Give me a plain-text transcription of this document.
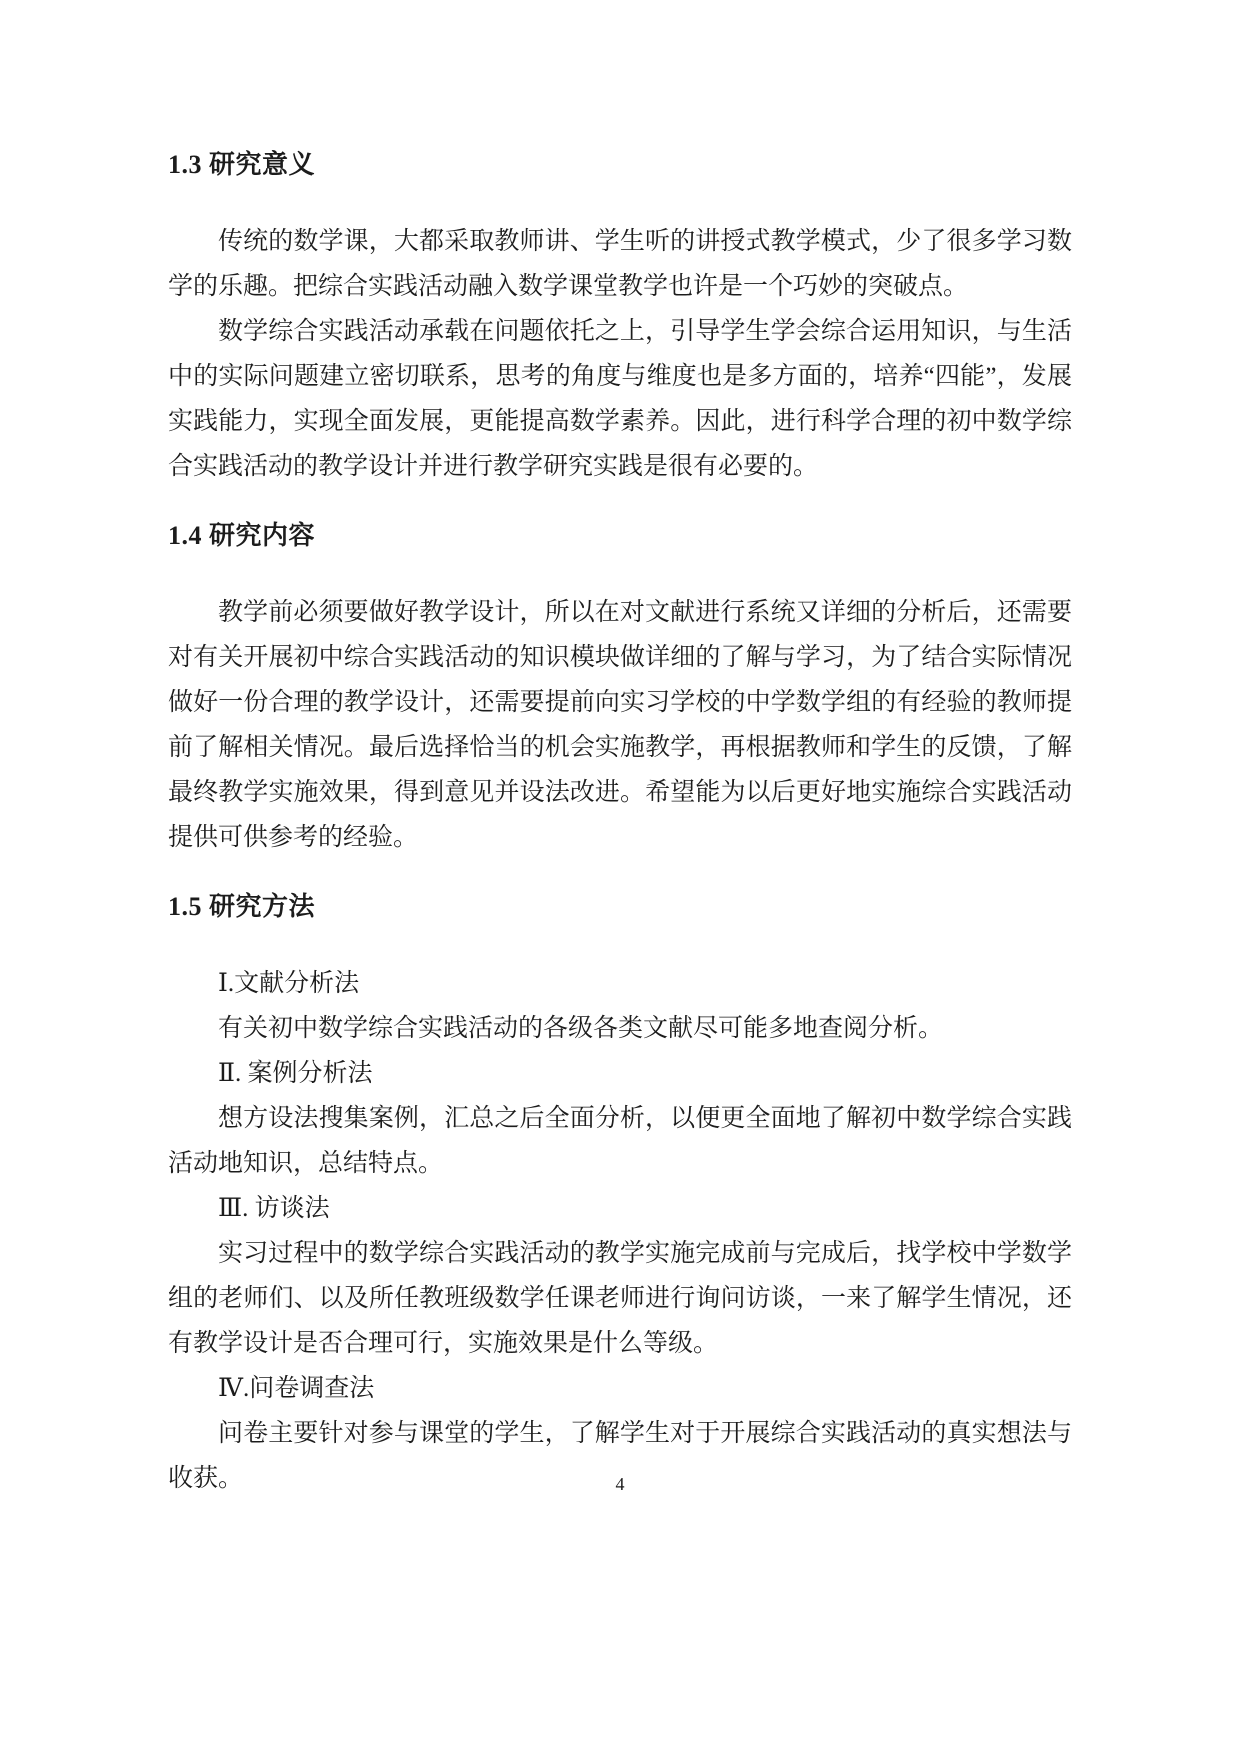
1.3 研究意义

传统的数学课，大都采取教师讲、学生听的讲授式教学模式，少了很多学习数学的乐趣。把综合实践活动融入数学课堂教学也许是一个巧妙的突破点。

数学综合实践活动承载在问题依托之上，引导学生学会综合运用知识，与生活中的实际问题建立密切联系，思考的角度与维度也是多方面的，培养“四能”，发展实践能力，实现全面发展，更能提高数学素养。因此，进行科学合理的初中数学综合实践活动的教学设计并进行教学研究实践是很有必要的。

1.4 研究内容

教学前必须要做好教学设计，所以在对文献进行系统又详细的分析后，还需要对有关开展初中综合实践活动的知识模块做详细的了解与学习，为了结合实际情况做好一份合理的教学设计，还需要提前向实习学校的中学数学组的有经验的教师提前了解相关情况。最后选择恰当的机会实施教学，再根据教师和学生的反馈，了解最终教学实施效果，得到意见并设法改进。希望能为以后更好地实施综合实践活动提供可供参考的经验。

1.5 研究方法

Ⅰ.文献分析法

有关初中数学综合实践活动的各级各类文献尽可能多地查阅分析。

Ⅱ. 案例分析法

想方设法搜集案例，汇总之后全面分析，以便更全面地了解初中数学综合实践活动地知识，总结特点。

Ⅲ. 访谈法

实习过程中的数学综合实践活动的教学实施完成前与完成后，找学校中学数学组的老师们、以及所任教班级数学任课老师进行询问访谈，一来了解学生情况，还有教学设计是否合理可行，实施效果是什么等级。

Ⅳ.问卷调查法

问卷主要针对参与课堂的学生，了解学生对于开展综合实践活动的真实想法与收获。	4
